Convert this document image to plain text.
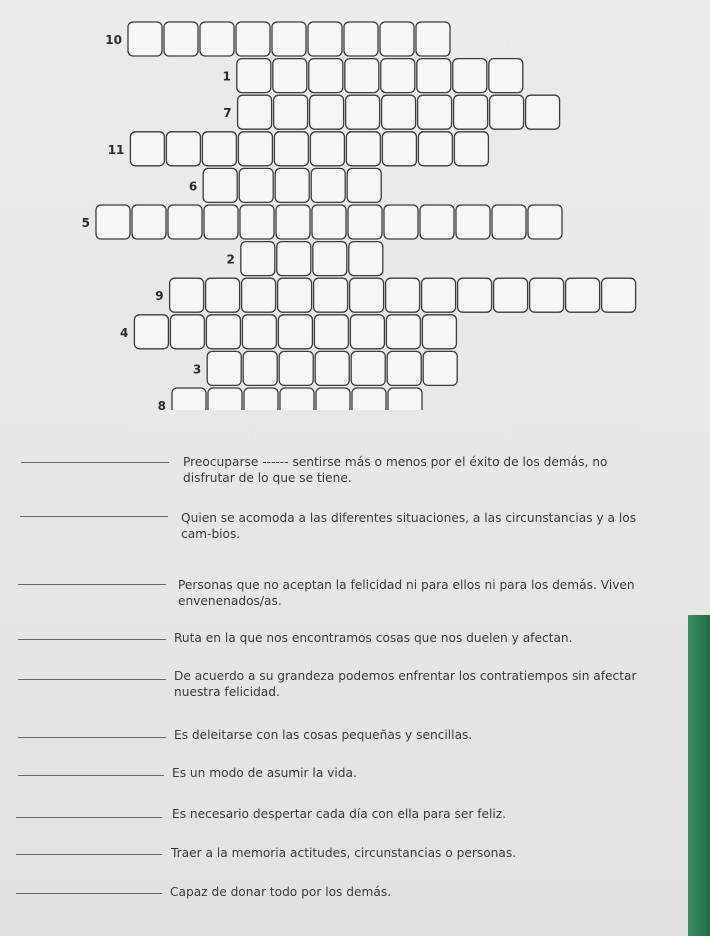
10
1
7
11
6
5
2
9
4
3
8
Preocuparse ------ sentirse más o menos por el éxito de los demás, no disfrutar de lo que se tiene.
Quien se acomoda a las diferentes situaciones, a las circunstancias y a los cam-bios.
Personas que no aceptan la felicidad ni para ellos ni para los demás. Viven envenenados/as.
Ruta en la que nos encontramos cosas que nos duelen y afectan.
De acuerdo a su grandeza podemos enfrentar los contratiempos sin afectar nuestra felicidad.
Es deleitarse con las cosas pequeñas y sencillas.
Es un modo de asumir la vida.
Es necesario despertar cada día con ella para ser feliz.
Traer a la memoria actitudes, circunstancias o personas.
Capaz de donar todo por los demás.
